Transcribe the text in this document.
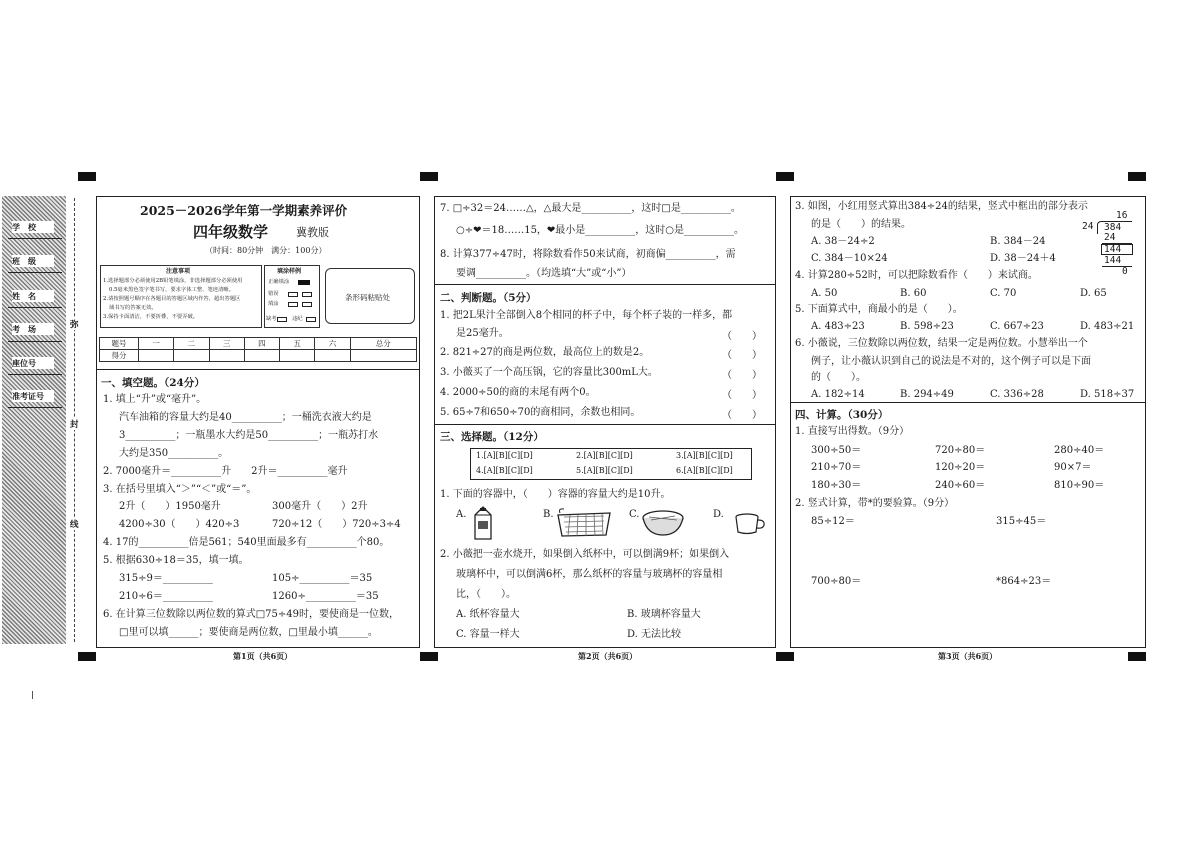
学　校
班　级
姓　名
考　场
座位号
准考证号
弥
封
线
2025－2026学年第一学期素养评价
四年级数学	冀教版
（时间：80分钟　满分：100分）
注意事项
1.选择题部分必须使用2B铅笔填涂，非选择题部分必须使用
0.5毫米黑色签字笔书写，要求字体工整、笔迹清晰。
2.请按照题号顺序在各题目的答题区域内作答，超出答题区
域书写的答案无效。
3.保持卡面清洁，不要折叠，不要弄破。
填涂样例
正确填涂
错误
填涂
缺考	违纪
条形码粘贴处
题号	一	二	三	四	五	六	总分
得分							
一、填空题。（24分）
1. 填上“升”或“毫升”。
汽车油箱的容量大约是40__________；一桶洗衣液大约是
3__________；一瓶墨水大约是50__________；一瓶苏打水
大约是350__________。
2. 7000毫升＝__________升　　2升＝__________毫升
3. 在括号里填入“＞”“＜”或“＝”。
2升（　　）1950毫升	300毫升（　　）2升
4200÷30（　　）420÷3	720÷12（　　）720÷3÷4
4. 17的__________倍是561；540里面最多有__________个80。
5. 根据630÷18＝35，填一填。
315÷9＝__________	105÷__________＝35
210÷6＝__________	1260÷__________＝35
6. 在计算三位数除以两位数的算式□75÷49时，要使商是一位数，
□里可以填______；要使商是两位数，□里最小填______。
第1页（共6页）
7. □÷32＝24……△，△最大是__________，这时□是__________。
○÷❤＝18……15，❤最小是__________，这时○是__________。
8. 计算377÷47时，将除数看作50来试商，初商偏__________，需
要调__________。（均选填“大”或“小”）
二、判断题。（5分）
1. 把2L果汁全部倒入8个相同的杯子中，每个杯子装的一样多，都
是25毫升。	（　　）
2. 821÷27的商是两位数，最高位上的数是2。	（　　）
3. 小薇买了一个高压锅，它的容量比300mL大。	（　　）
4. 2000÷50的商的末尾有两个0。	（　　）
5. 65÷7和650÷70的商相同，余数也相同。	（　　）
三、选择题。（12分）
1.[A][B][C][D]	2.[A][B][C][D]	3.[A][B][C][D]
4.[A][B][C][D]	5.[A][B][C][D]	6.[A][B][C][D]
1. 下面的容器中，（　　）容器的容量大约是10升。
A.	B.	C.	D.
2. 小薇把一壶水烧开，如果倒入纸杯中，可以倒满9杯；如果倒入
玻璃杯中，可以倒满6杯，那么纸杯的容量与玻璃杯的容量相
比，（　　）。
A. 纸杯容量大	B. 玻璃杯容量大
C. 容量一样大	D. 无法比较
第2页（共6页）
3. 如图，小红用竖式算出384÷24的结果，竖式中框出的部分表示
的是（　　）的结果。
16
24 384
24
144
144
0
A. 38－24÷2	B. 384－24
C. 384－10×24	D. 38－24＋4
4. 计算280÷52时，可以把除数看作（　　）来试商。
A. 50	B. 60	C. 70	D. 65
5. 下面算式中，商最小的是（　　）。
A. 483÷23	B. 598÷23	C. 667÷23	D. 483÷21
6. 小薇说，三位数除以两位数，结果一定是两位数。小慧举出一个
例子，让小薇认识到自己的说法是不对的，这个例子可以是下面
的（　　）。
A. 182÷14	B. 294÷49	C. 336÷28	D. 518÷37
四、计算。（30分）
1. 直接写出得数。（9分）
300÷50＝	720÷80＝	280÷40＝
210÷70＝	120÷20＝	90×7＝
180÷30＝	240÷60＝	810÷90＝
2. 竖式计算，带*的要验算。（9分）
85÷12＝	315÷45＝
700÷80＝	*864÷23＝
第3页（共6页）
